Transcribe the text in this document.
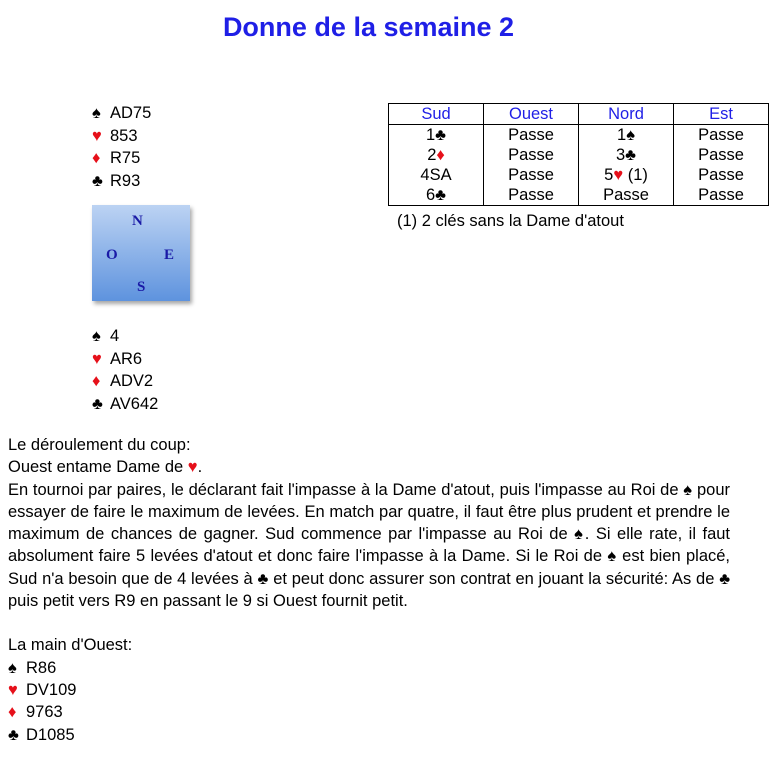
Donne de la semaine 2
♠ AD75
♥ 853
♦ R75
♣ R93
N
O	E
S
♠ 4
♥ AR6
♦ ADV2
♣ AV642
Sud	Ouest	Nord	Est
1♣	Passe	1♠	Passe
2♦	Passe	3♣	Passe
4SA	Passe	5♥ (1)	Passe
6♣	Passe	Passe	Passe
(1) 2 clés sans la Dame d'atout

Le déroulement du coup:

Ouest entame Dame de ♥.

En tournoi par paires, le déclarant fait l'impasse à la Dame d'atout, puis l'impasse au Roi de ♠ pour essayer de faire le maximum de levées. En match par quatre, il faut être plus prudent et prendre le maximum de chances de gagner. Sud commence par l'impasse au Roi de ♠. Si elle rate, il faut absolument faire 5 levées d'atout et donc faire l'impasse à la Dame. Si le Roi de ♠ est bien placé, Sud n'a besoin que de 4 levées à ♣ et peut donc assurer son contrat en jouant la sécurité: As de ♣ puis petit vers R9 en passant le 9 si Ouest fournit petit.

La main d'Ouest:

♠ R86
♥ DV109
♦ 9763
♣ D1085
